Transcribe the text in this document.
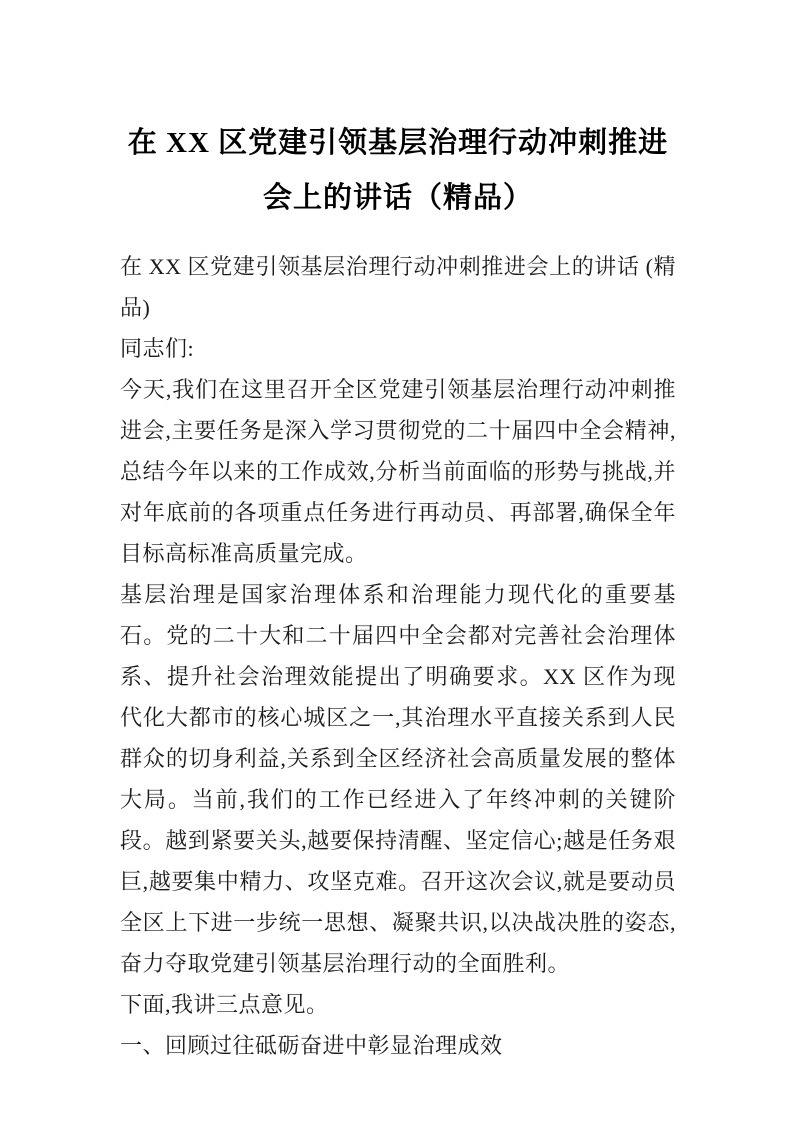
在 XX 区党建引领基层治理行动冲刺推进会上的讲话（精品）

在 XX 区党建引领基层治理行动冲刺推进会上的讲话 (精品)

同志们:

今天,我们在这里召开全区党建引领基层治理行动冲刺推进会,主要任务是深入学习贯彻党的二十届四中全会精神,总结今年以来的工作成效,分析当前面临的形势与挑战,并对年底前的各项重点任务进行再动员、再部署,确保全年目标高标准高质量完成。

基层治理是国家治理体系和治理能力现代化的重要基石。党的二十大和二十届四中全会都对完善社会治理体系、提升社会治理效能提出了明确要求。XX 区作为现代化大都市的核心城区之一,其治理水平直接关系到人民群众的切身利益,关系到全区经济社会高质量发展的整体大局。当前,我们的工作已经进入了年终冲刺的关键阶段。越到紧要关头,越要保持清醒、坚定信心;越是任务艰巨,越要集中精力、攻坚克难。召开这次会议,就是要动员全区上下进一步统一思想、凝聚共识,以决战决胜的姿态,奋力夺取党建引领基层治理行动的全面胜利。

下面,我讲三点意见。

一、回顾过往砥砺奋进中彰显治理成效
